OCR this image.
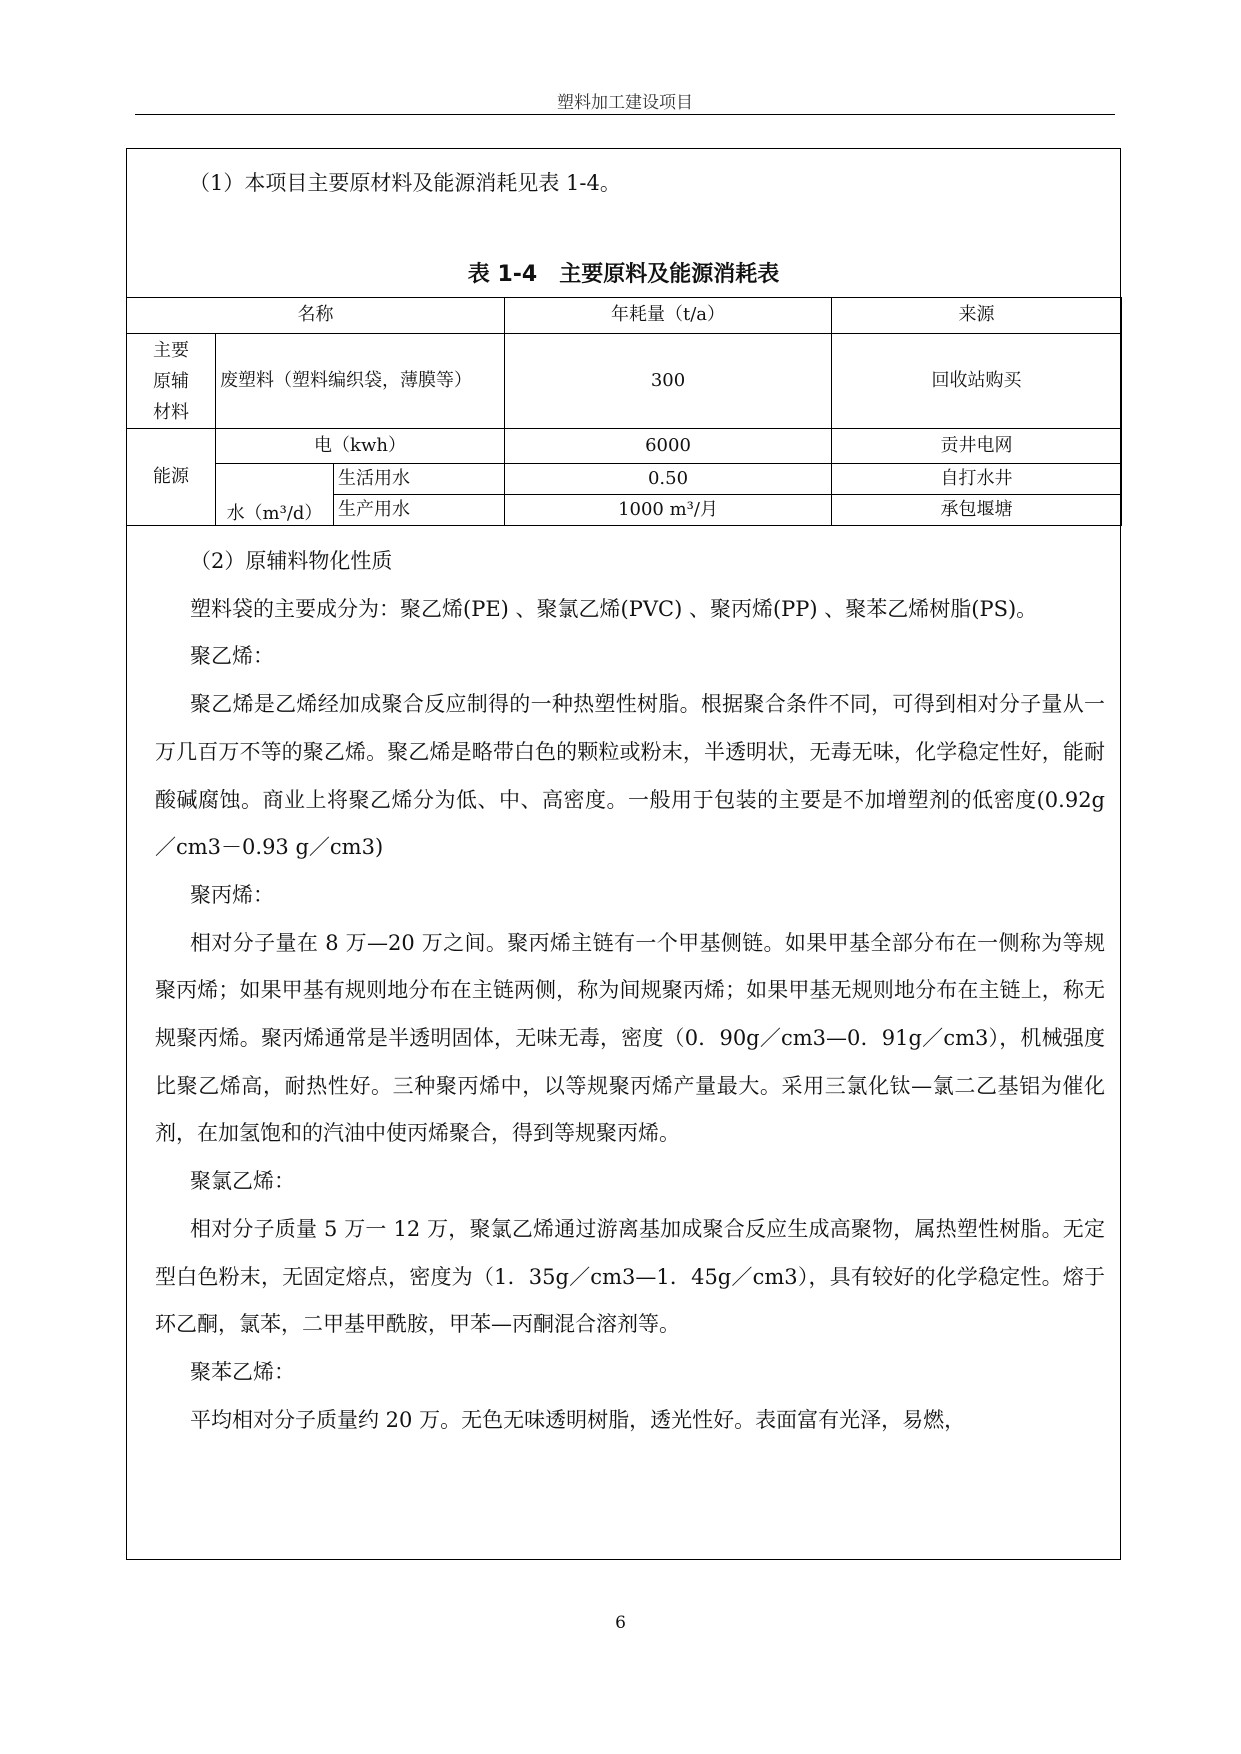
塑料加工建设项目
（1）本项目主要原材料及能源消耗见表 1-4。
表 1-4　主要原料及能源消耗表
名称			年耗量（t/a）	来源
主要
原辅
材料	废塑料（塑料编织袋，薄膜等）		300	回收站购买
能源	电（kwh）		6000	贡井电网
	水（m³/d）	生活用水	0.50	自打水井
		生产用水	1000 m³/月	承包堰塘

（2）原辅料物化性质

塑料袋的主要成分为：聚乙烯(PE) 、聚氯乙烯(PVC) 、聚丙烯(PP) 、聚苯乙烯树脂(PS)。

聚乙烯：

聚乙烯是乙烯经加成聚合反应制得的一种热塑性树脂。根据聚合条件不同，可得到相对分子量从一万几百万不等的聚乙烯。聚乙烯是略带白色的颗粒或粉末，半透明状，无毒无味，化学稳定性好，能耐酸碱腐蚀。商业上将聚乙烯分为低、中、高密度。一般用于包装的主要是不加增塑剂的低密度(0.92g／cm3－0.93 g／cm3)

聚丙烯：

相对分子量在 8 万—20 万之间。聚丙烯主链有一个甲基侧链。如果甲基全部分布在一侧称为等规聚丙烯；如果甲基有规则地分布在主链两侧，称为间规聚丙烯；如果甲基无规则地分布在主链上，称无规聚丙烯。聚丙烯通常是半透明固体，无味无毒，密度（0．90g／cm3—0．91g／cm3），机械强度比聚乙烯高，耐热性好。三种聚丙烯中，以等规聚丙烯产量最大。采用三氯化钛—氯二乙基铝为催化剂，在加氢饱和的汽油中使丙烯聚合，得到等规聚丙烯。

聚氯乙烯：

相对分子质量 5 万一 12 万，聚氯乙烯通过游离基加成聚合反应生成高聚物，属热塑性树脂。无定型白色粉末，无固定熔点，密度为（1．35g／cm3—1．45g／cm3），具有较好的化学稳定性。熔于环乙酮，氯苯，二甲基甲酰胺，甲苯—丙酮混合溶剂等。

聚苯乙烯：

平均相对分子质量约 20 万。无色无味透明树脂，透光性好。表面富有光泽，易燃，

6
